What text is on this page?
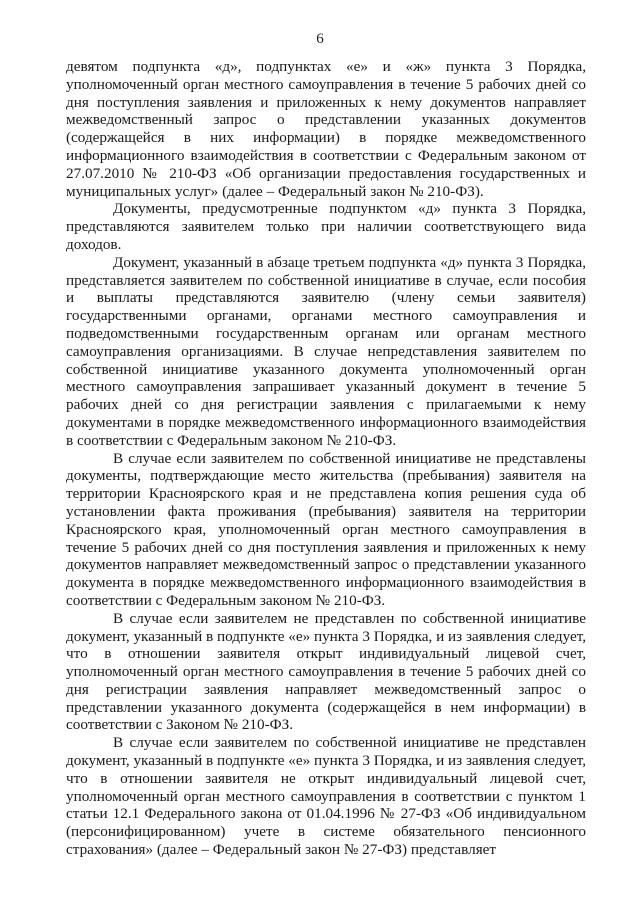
6

девятом подпункта «д», подпунктах «е» и «ж» пункта 3 Порядка, уполномоченный орган местного самоуправления в течение 5 рабочих дней со дня поступления заявления и приложенных к нему документов направляет межведомственный запрос о представлении указанных документов (содержащейся в них информации) в порядке межведомственного информационного взаимодействия в соответствии с Федеральным законом от 27.07.2010 № 210-ФЗ «Об организации предоставления государственных и муниципальных услуг» (далее – Федеральный закон № 210-ФЗ).

Документы, предусмотренные подпунктом «д» пункта 3 Порядка, представляются заявителем только при наличии соответствующего вида доходов.

Документ, указанный в абзаце третьем подпункта «д» пункта 3 Порядка, представляется заявителем по собственной инициативе в случае, если пособия и выплаты представляются заявителю (члену семьи заявителя) государственными органами, органами местного самоуправления и подведомственными государственным органам или органам местного самоуправления организациями. В случае непредставления заявителем по собственной инициативе указанного документа уполномоченный орган местного самоуправления запрашивает указанный документ в течение 5 рабочих дней со дня регистрации заявления с прилагаемыми к нему документами в порядке межведомственного информационного взаимодействия в соответствии с Федеральным законом № 210-ФЗ.

В случае если заявителем по собственной инициативе не представлены документы, подтверждающие место жительства (пребывания) заявителя на территории Красноярского края и не представлена копия решения суда об установлении факта проживания (пребывания) заявителя на территории Красноярского края, уполномоченный орган местного самоуправления в течение 5 рабочих дней со дня поступления заявления и приложенных к нему документов направляет межведомственный запрос о представлении указанного документа в порядке межведомственного информационного взаимодействия в соответствии с Федеральным законом № 210-ФЗ.

В случае если заявителем не представлен по собственной инициативе документ, указанный в подпункте «е» пункта 3 Порядка, и из заявления следует, что в отношении заявителя открыт индивидуальный лицевой счет, уполномоченный орган местного самоуправления в течение 5 рабочих дней со дня регистрации заявления направляет межведомственный запрос о представлении указанного документа (содержащейся в нем информации) в соответствии с Законом № 210-ФЗ.

В случае если заявителем по собственной инициативе не представлен документ, указанный в подпункте «е» пункта 3 Порядка, и из заявления следует, что в отношении заявителя не открыт индивидуальный лицевой счет, уполномоченный орган местного самоуправления в соответствии с пунктом 1 статьи 12.1 Федерального закона от 01.04.1996 № 27-ФЗ «Об индивидуальном (персонифицированном) учете в системе обязательного пенсионного страхования» (далее – Федеральный закон № 27-ФЗ) представляет
